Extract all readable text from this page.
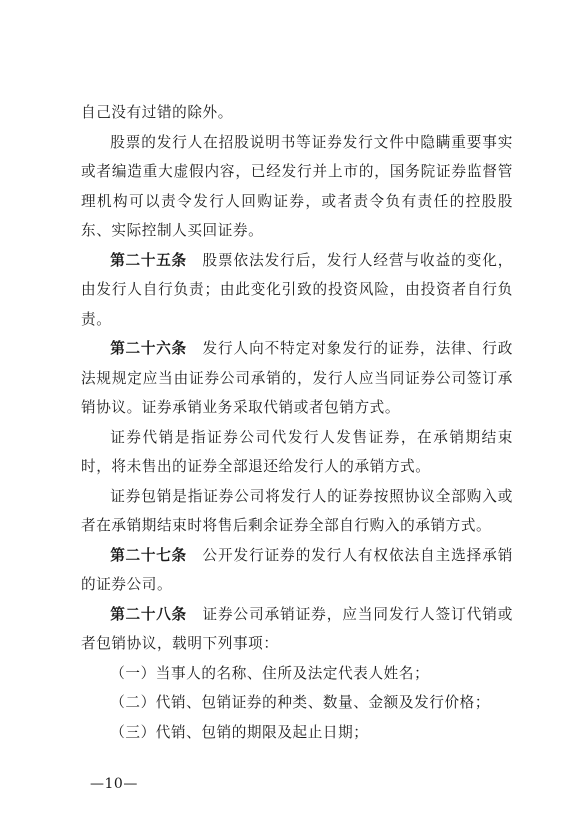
自己没有过错的除外。

股票的发行人在招股说明书等证券发行文件中隐瞒重要事实或者编造重大虚假内容，已经发行并上市的，国务院证券监督管理机构可以责令发行人回购证券，或者责令负有责任的控股股东、实际控制人买回证券。

第二十五条　 股票依法发行后，发行人经营与收益的变化，由发行人自行负责；由此变化引致的投资风险，由投资者自行负责。

第二十六条　 发行人向不特定对象发行的证券，法律、行政法规规定应当由证券公司承销的，发行人应当同证券公司签订承销协议。证券承销业务采取代销或者包销方式。

证券代销是指证券公司代发行人发售证券，在承销期结束时，将未售出的证券全部退还给发行人的承销方式。

证券包销是指证券公司将发行人的证券按照协议全部购入或者在承销期结束时将售后剩余证券全部自行购入的承销方式。

第二十七条　 公开发行证券的发行人有权依法自主选择承销的证券公司。

第二十八条　 证券公司承销证券，应当同发行人签订代销或者包销协议，载明下列事项：

（一）当事人的名称、住所及法定代表人姓名；

（二）代销、包销证券的种类、数量、金额及发行价格；

（三）代销、包销的期限及起止日期；

—10—
